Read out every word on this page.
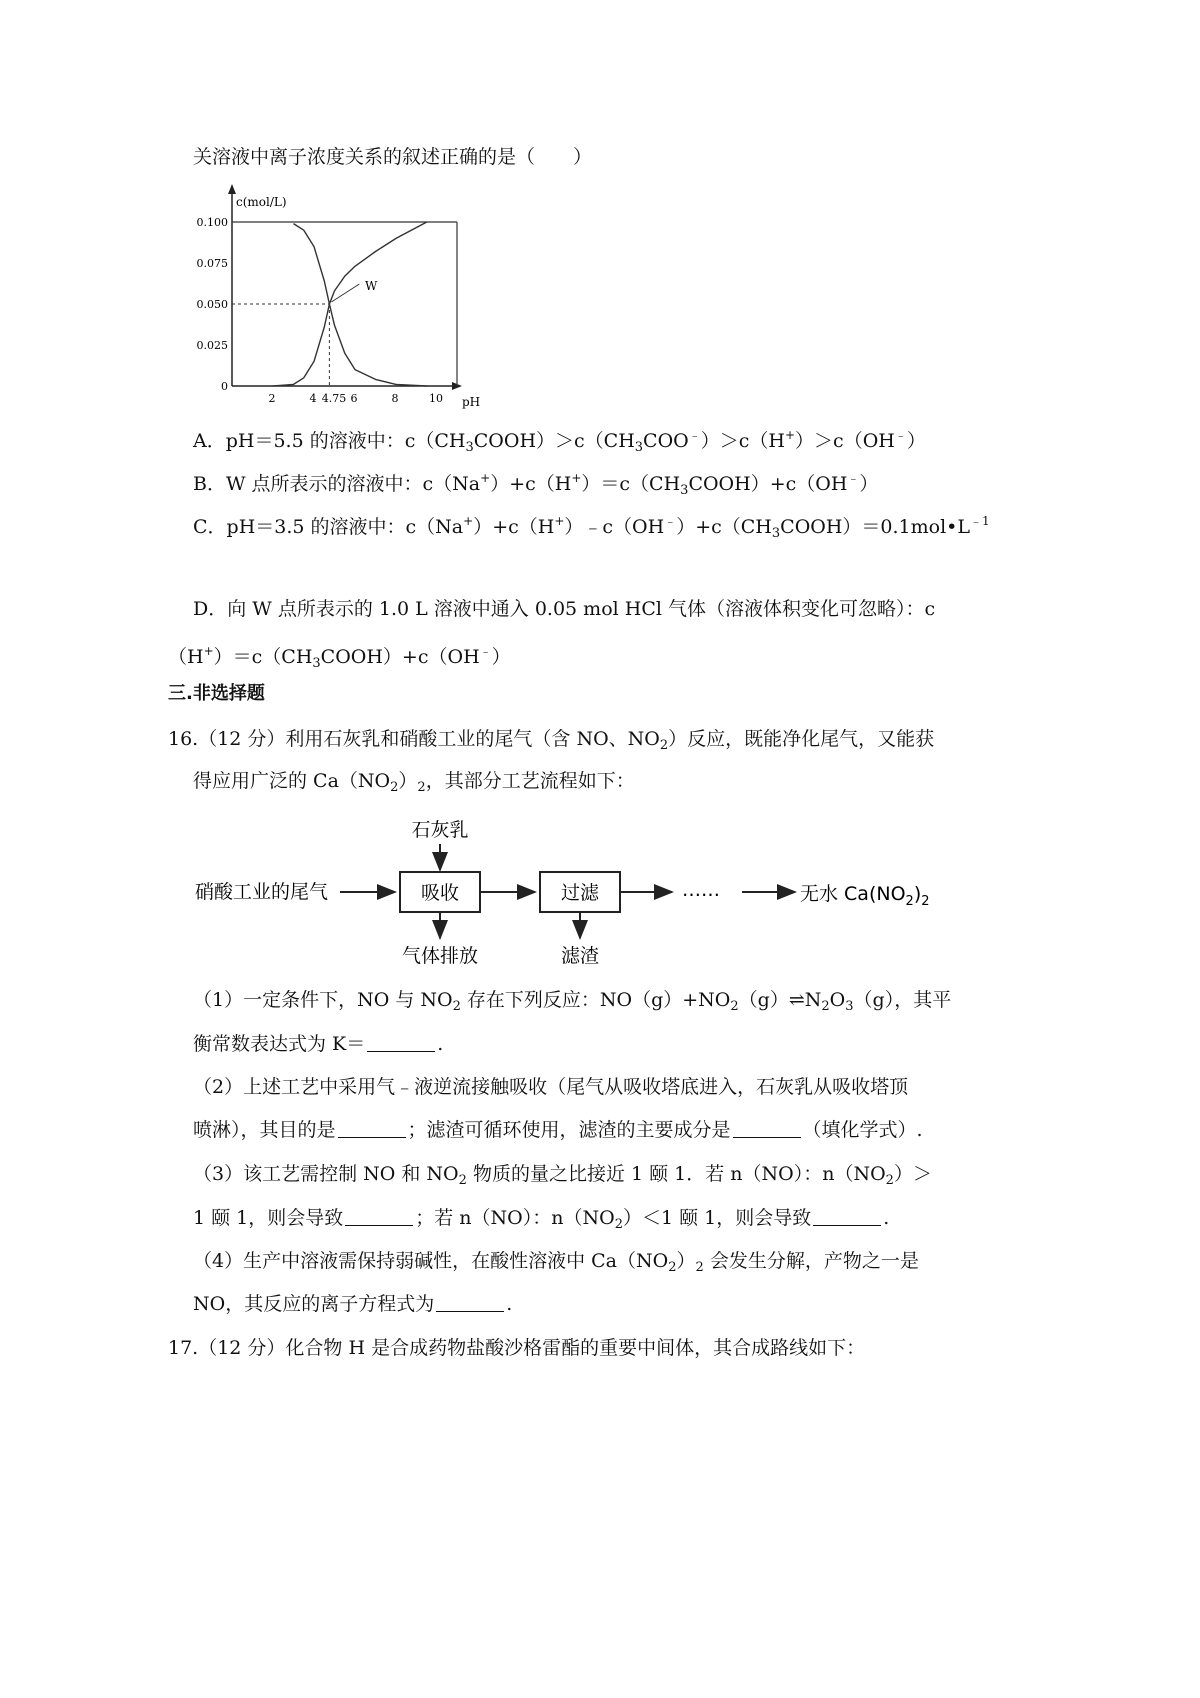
关溶液中离子浓度关系的叙述正确的是（　　）
c(mol/L)
pH
0.100
0.075
0.050
0.025
0
2	4 4.75 6	8	10
W
A．pH＝5.5 的溶液中：$c(CH_3COOH)>c(CH_3COO^﹣)>c(H^+)>c(OH^﹣)$
B．W 点所表示的溶液中：$c(Na^+)+c(H^+)=c(CH_3COOH)+c(OH^﹣)$
C．pH＝3.5 的溶液中：$c(Na^+)+c(H^+)﹣c(OH^﹣)+c(CH_3COOH)=0.1mol•L^{﹣1}$
D．向 W 点所表示的 1.0 L 溶液中通入 0.05 mol HCl 气体（溶液体积变化可忽略）：c
$(H^+)=c(CH_3COOH)+c(OH^﹣)$
三.非选择题
16.（12 分）利用石灰乳和硝酸工业的尾气（含 NO、$NO_2$）反应，既能净化尾气，又能获
得应用广泛的 $Ca(NO_2)_2$，其部分工艺流程如下：
石灰乳
硝酸工业的尾气	吸收	过滤	……	无水 $Ca(NO_2)_2$
气体排放	滤渣
（1）一定条件下，NO 与 $NO_2$ 存在下列反应：$NO(g)+NO_2(g)\rightleftharpoons N_2O_3(g)$，其平
衡常数表达式为 K＝	.
（2）上述工艺中采用气﹣液逆流接触吸收（尾气从吸收塔底进入，石灰乳从吸收塔顶
喷淋），其目的是	；滤渣可循环使用，滤渣的主要成分是	（填化学式）.
（3）该工艺需控制 NO 和 $NO_2$ 物质的量之比接近 1 颐 1．若 n（NO）：$n(NO_2)>$
1 颐 1，则会导致	；若 n（NO）：$n(NO_2)<1$ 颐 1，则会导致	.
（4）生产中溶液需保持弱碱性，在酸性溶液中 $Ca(NO_2)_2$ 会发生分解，产物之一是
NO，其反应的离子方程式为	.
17.（12 分）化合物 H 是合成药物盐酸沙格雷酯的重要中间体，其合成路线如下：
